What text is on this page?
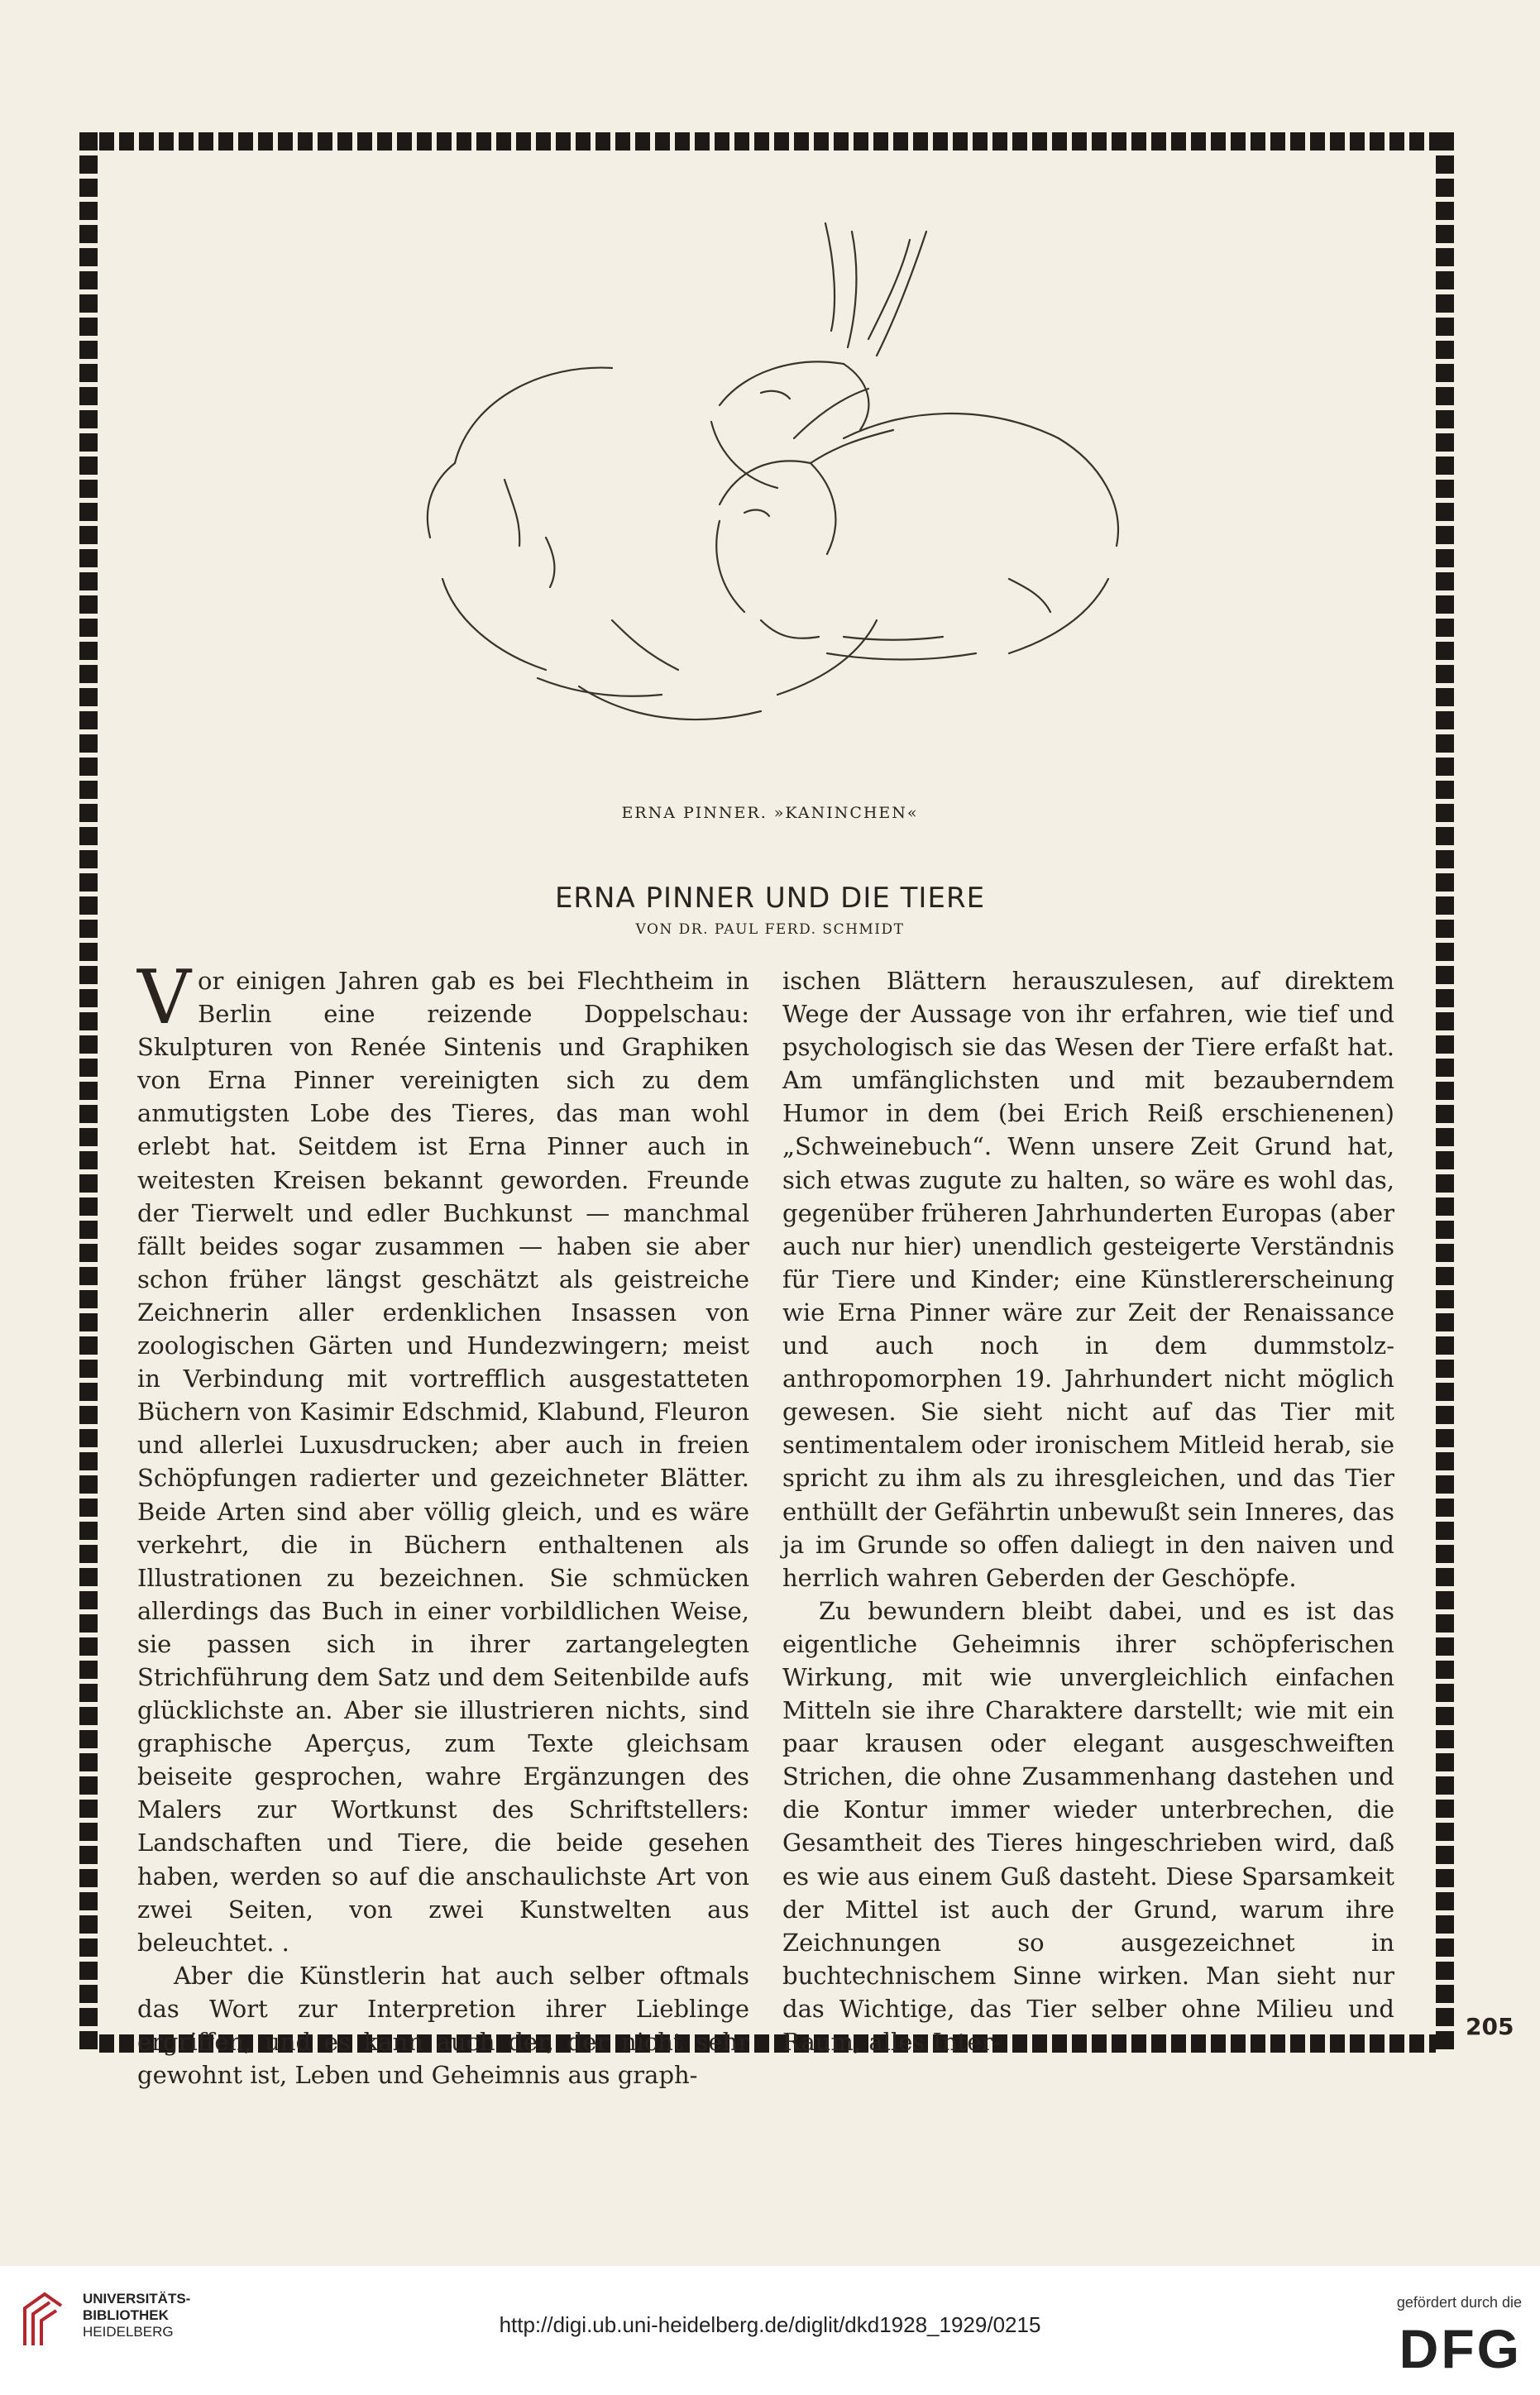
ERNA PINNER. »KANINCHEN«
ERNA PINNER UND DIE TIERE
VON DR. PAUL FERD. SCHMIDT

Vor einigen Jahren gab es bei Flechtheim in Berlin eine reizende Doppelschau: Skulpturen von Renée Sintenis und Graphiken von Erna Pinner vereinigten sich zu dem anmutigsten Lobe des Tieres, das man wohl erlebt hat. Seitdem ist Erna Pinner auch in weitesten Kreisen bekannt geworden. Freunde der Tierwelt und edler Buchkunst — manchmal fällt beides sogar zusammen — haben sie aber schon früher längst geschätzt als geistreiche Zeichnerin aller erdenklichen Insassen von zoologischen Gärten und Hundezwingern; meist in Verbindung mit vortrefflich ausgestatteten Büchern von Kasimir Edschmid, Klabund, Fleuron und allerlei Luxusdrucken; aber auch in freien Schöpfungen radierter und gezeichneter Blätter. Beide Arten sind aber völlig gleich, und es wäre verkehrt, die in Büchern enthaltenen als Illustrationen zu bezeichnen. Sie schmücken allerdings das Buch in einer vorbildlichen Weise, sie passen sich in ihrer zartangelegten Strichführung dem Satz und dem Seitenbilde aufs glücklichste an. Aber sie illustrieren nichts, sind graphische Aperçus, zum Texte gleichsam beiseite gesprochen, wahre Ergänzungen des Malers zur Wortkunst des Schriftstellers: Landschaften und Tiere, die beide gesehen haben, werden so auf die anschaulichste Art von zwei Seiten, von zwei Kunstwelten aus beleuchtet. .

Aber die Künstlerin hat auch selber oftmals das Wort zur Interpretion ihrer Lieblinge ergriffen, und es kann auch der, der nicht sehr gewohnt ist, Leben und Geheimnis aus graph-

ischen Blättern herauszulesen, auf direktem Wege der Aussage von ihr erfahren, wie tief und psychologisch sie das Wesen der Tiere erfaßt hat. Am umfänglichsten und mit bezauberndem Humor in dem (bei Erich Reiß erschienenen) „Schweinebuch“. Wenn unsere Zeit Grund hat, sich etwas zugute zu halten, so wäre es wohl das, gegenüber früheren Jahrhunderten Europas (aber auch nur hier) unendlich gesteigerte Verständnis für Tiere und Kinder; eine Künstlererscheinung wie Erna Pinner wäre zur Zeit der Renaissance und auch noch in dem dummstolz-anthropomorphen 19. Jahrhundert nicht möglich gewesen. Sie sieht nicht auf das Tier mit sentimentalem oder ironischem Mitleid herab, sie spricht zu ihm als zu ihresgleichen, und das Tier enthüllt der Gefährtin unbewußt sein Inneres, das ja im Grunde so offen daliegt in den naiven und herrlich wahren Geberden der Geschöpfe.

Zu bewundern bleibt dabei, und es ist das eigentliche Geheimnis ihrer schöpferischen Wirkung, mit wie unvergleichlich einfachen Mitteln sie ihre Charaktere darstellt; wie mit ein paar krausen oder elegant ausgeschweiften Strichen, die ohne Zusammenhang dastehen und die Kontur immer wieder unterbrechen, die Gesamtheit des Tieres hingeschrieben wird, daß es wie aus einem Guß dasteht. Diese Sparsamkeit der Mittel ist auch der Grund, warum ihre Zeichnungen so ausgezeichnet in buchtechnischem Sinne wirken. Man sieht nur das Wichtige, das Tier selber ohne Milieu und Raum, alles Inter-

205
UNIVERSITÄTS-
BIBLIOTHEK
HEIDELBERG	http://digi.ub.uni-heidelberg.de/diglit/dkd1928_1929/0215
gefördert durch die
DFG
